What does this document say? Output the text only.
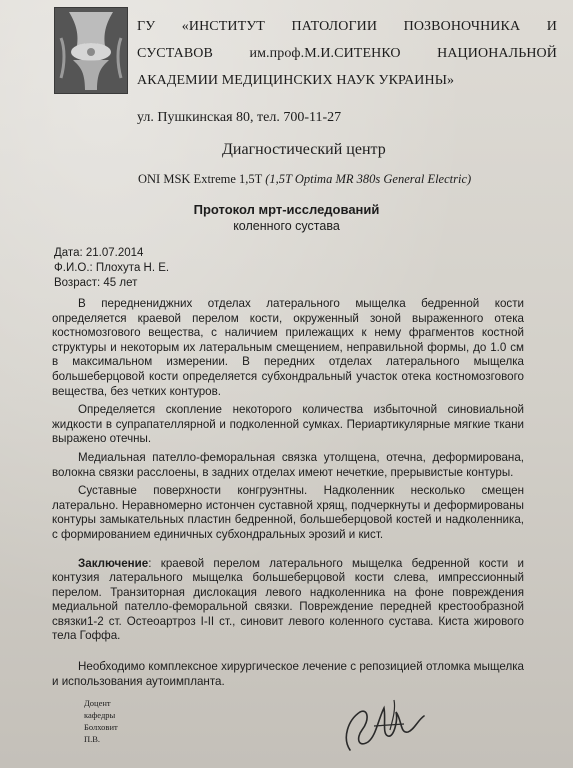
ГУ «ИНСТИТУТ ПАТОЛОГИИ ПОЗВОНОЧНИКА И
СУСТАВОВ	им.проф.М.И.СИТЕНКО	НАЦИОНАЛЬНОЙ
АКАДЕМИИ МЕДИЦИНСКИХ НАУК УКРАИНЫ»
ул. Пушкинская 80, тел. 700-11-27
Диагностический центр
ONI MSK Extreme 1,5T (1,5T Optima MR 380s General Electric)
Протокол мрт-исследований
коленного сустава
Дата: 21.07.2014
Ф.И.О.: Плохута Н. Е.
Возраст: 45 лет

В переднениджних отделах латерального мыщелка бедренной кости определяется краевой перелом кости, окруженный зоной выраженного отека костномозгового вещества, с наличием прилежащих к нему фрагментов костной структуры и некоторым их латеральным смещением, неправильной формы, до 1.0 см в максимальном измерении. В передних отделах латерального мыщелка большеберцовой кости определяется субхондральный участок отека костномозгового вещества, без четких контуров.

Определяется скопление некоторого количества избыточной синовиальной жидкости в супрапателлярной и подколенной сумках. Периартикулярные мягкие ткани выражено отечны.

Медиальная пателло-феморальная связка утолщена, отечна, деформирована, волокна связки расслоены, в задних отделах имеют нечеткие, прерывистые контуры.

Суставные поверхности конгруэнтны. Надколенник несколько смещен латерально. Неравномерно истончен суставной хрящ, подчеркнуты и деформированы контуры замыкательных пластин бедренной, большеберцовой костей и надколенника, с формированием единичных субхондральных эрозий и кист.

Заключение: краевой перелом латерального мыщелка бедренной кости и контузия латерального мыщелка большеберцовой кости слева, импрессионный перелом. Транзиторная дислокация левого надколенника на фоне повреждения медиальной пателло-феморальной связки. Повреждение передней крестообразной связки1-2 ст. Остеоартроз I-II ст., синовит левого коленного сустава. Киста жирового тела Гоффа.

Необходимо комплексное хирургическое лечение с репозицией отломка мыщелка и использования аутоимпланта.

Доцент
кафедры
Болховит
П.В.
